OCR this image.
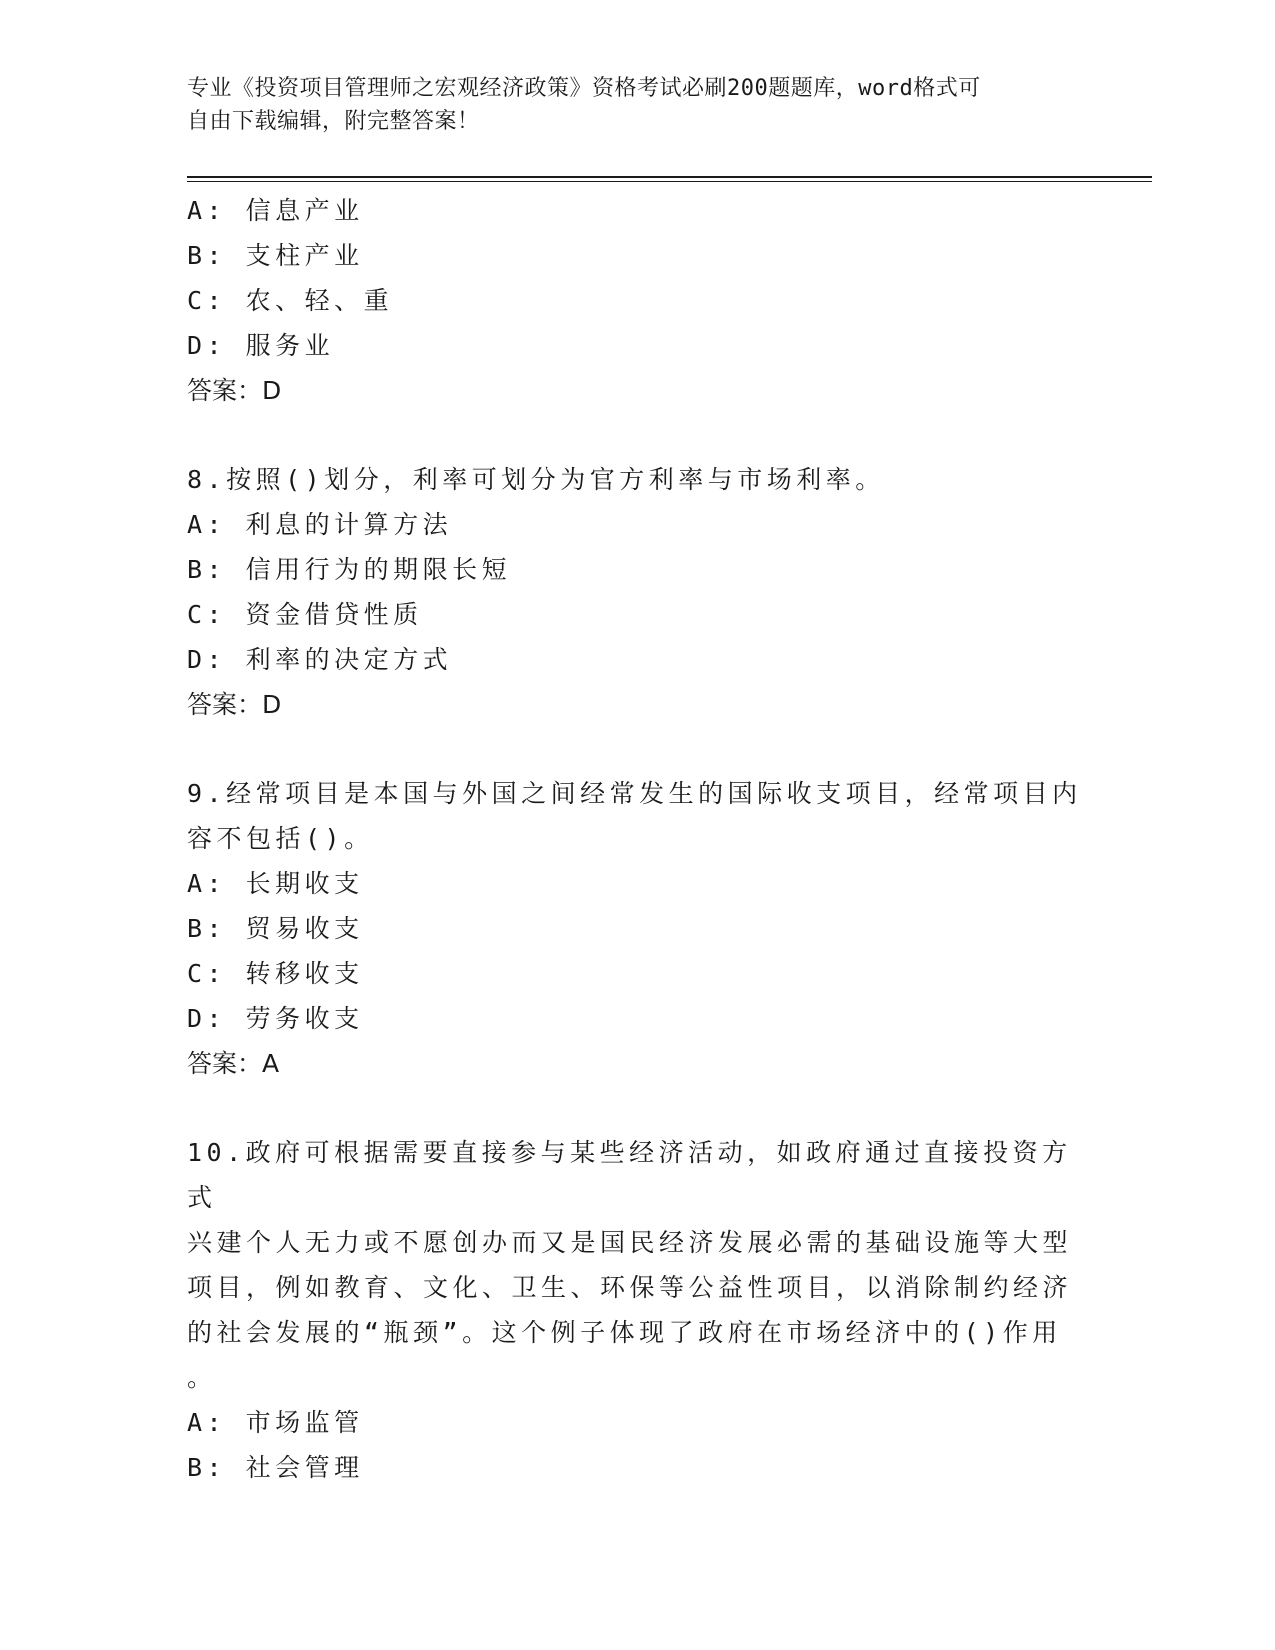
专业《投资项目管理师之宏观经济政策》资格考试必刷200题题库，word格式可
自由下载编辑，附完整答案！

A: 信息产业

B: 支柱产业

C: 农、轻、重

D: 服务业

答案：D

8.按照()划分，利率可划分为官方利率与市场利率。

A: 利息的计算方法

B: 信用行为的期限长短

C: 资金借贷性质

D: 利率的决定方式

答案：D

9.经常项目是本国与外国之间经常发生的国际收支项目，经常项目内

容不包括()。

A: 长期收支

B: 贸易收支

C: 转移收支

D: 劳务收支

答案：A

10.政府可根据需要直接参与某些经济活动，如政府通过直接投资方式

兴建个人无力或不愿创办而又是国民经济发展必需的基础设施等大型

项目，例如教育、文化、卫生、环保等公益性项目，以消除制约经济

的社会发展的“瓶颈”。这个例子体现了政府在市场经济中的()作用

。

A: 市场监管

B: 社会管理
